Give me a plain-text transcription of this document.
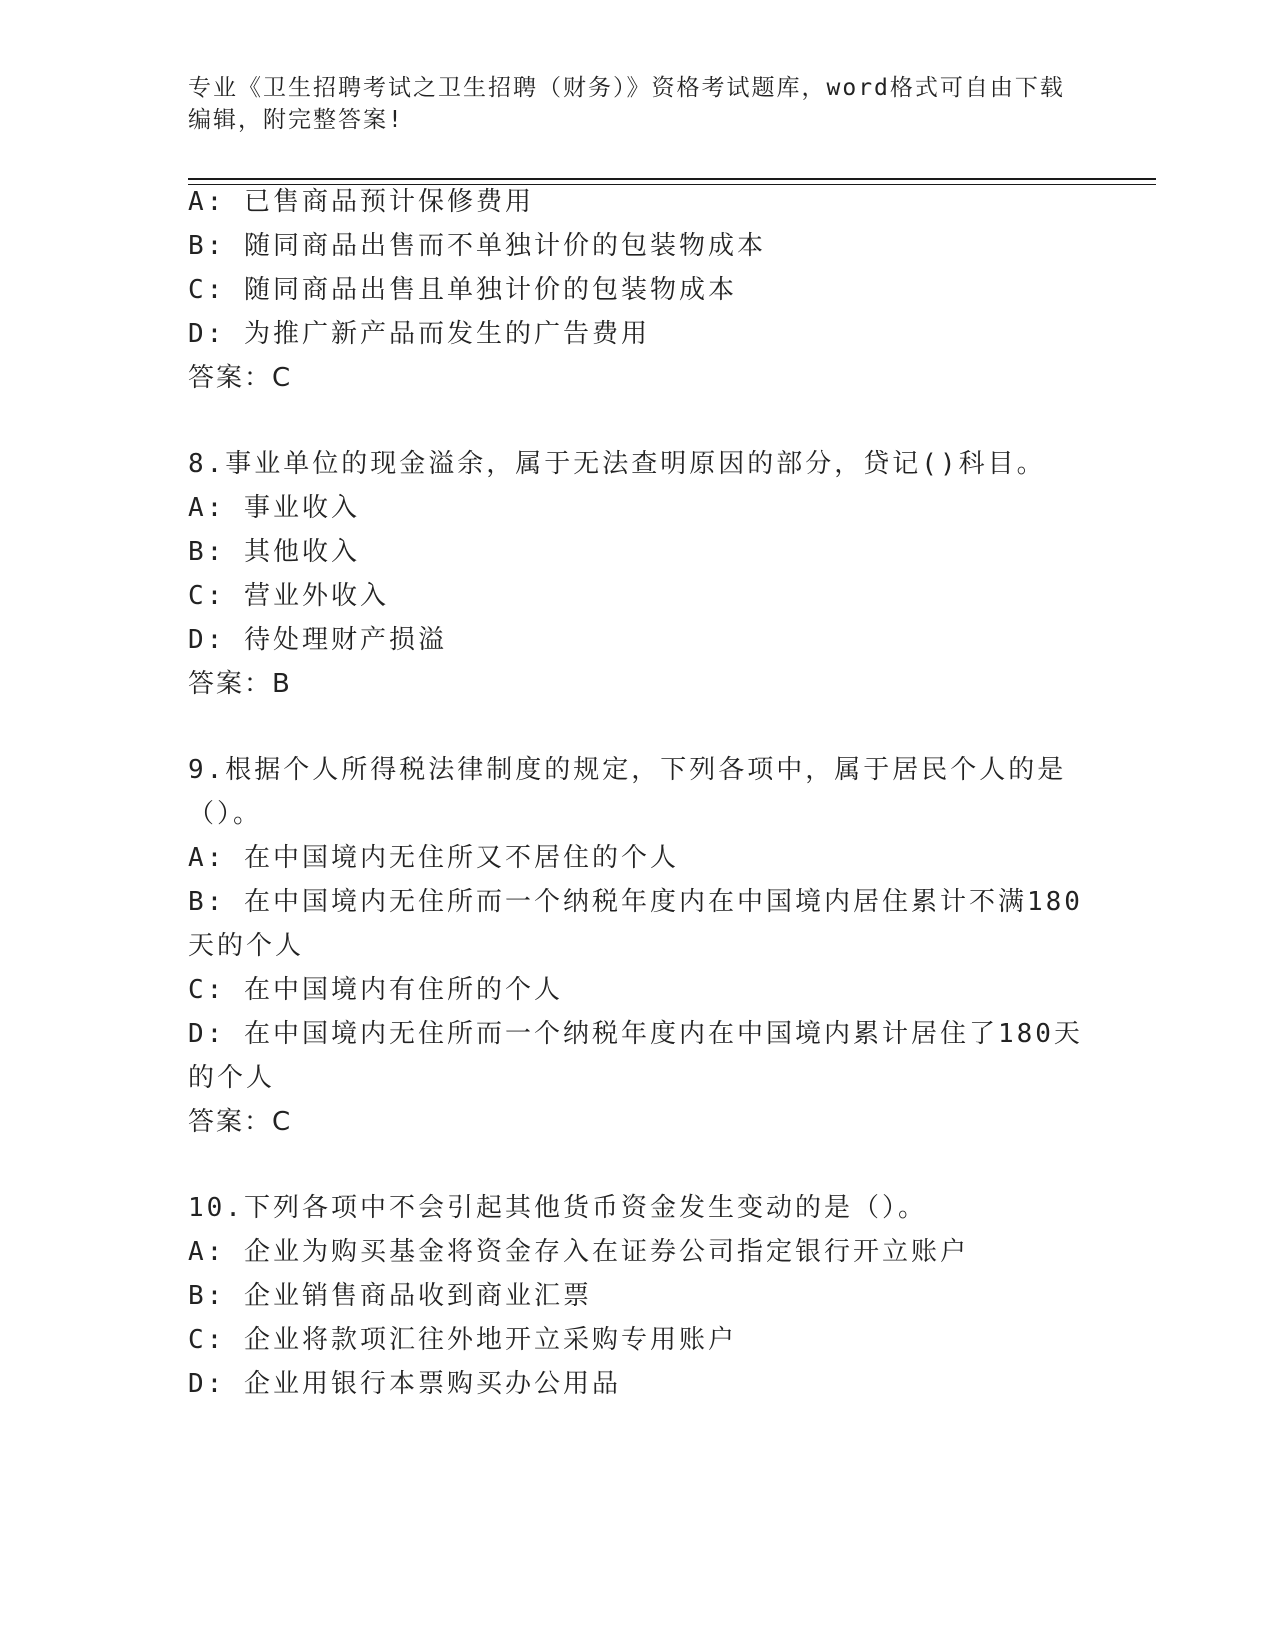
专业《卫生招聘考试之卫生招聘（财务）》资格考试题库，word格式可自由下载
编辑，附完整答案!
A: 已售商品预计保修费用
B: 随同商品出售而不单独计价的包装物成本
C: 随同商品出售且单独计价的包装物成本
D: 为推广新产品而发生的广告费用
答案：C
8.事业单位的现金溢余，属于无法查明原因的部分，贷记()科目。
A: 事业收入
B: 其他收入
C: 营业外收入
D: 待处理财产损溢
答案：B
9.根据个人所得税法律制度的规定，下列各项中，属于居民个人的是
（）。
A: 在中国境内无住所又不居住的个人
B: 在中国境内无住所而一个纳税年度内在中国境内居住累计不满180
天的个人
C: 在中国境内有住所的个人
D: 在中国境内无住所而一个纳税年度内在中国境内累计居住了180天
的个人
答案：C
10.下列各项中不会引起其他货币资金发生变动的是（）。
A: 企业为购买基金将资金存入在证券公司指定银行开立账户
B: 企业销售商品收到商业汇票
C: 企业将款项汇往外地开立采购专用账户
D: 企业用银行本票购买办公用品
